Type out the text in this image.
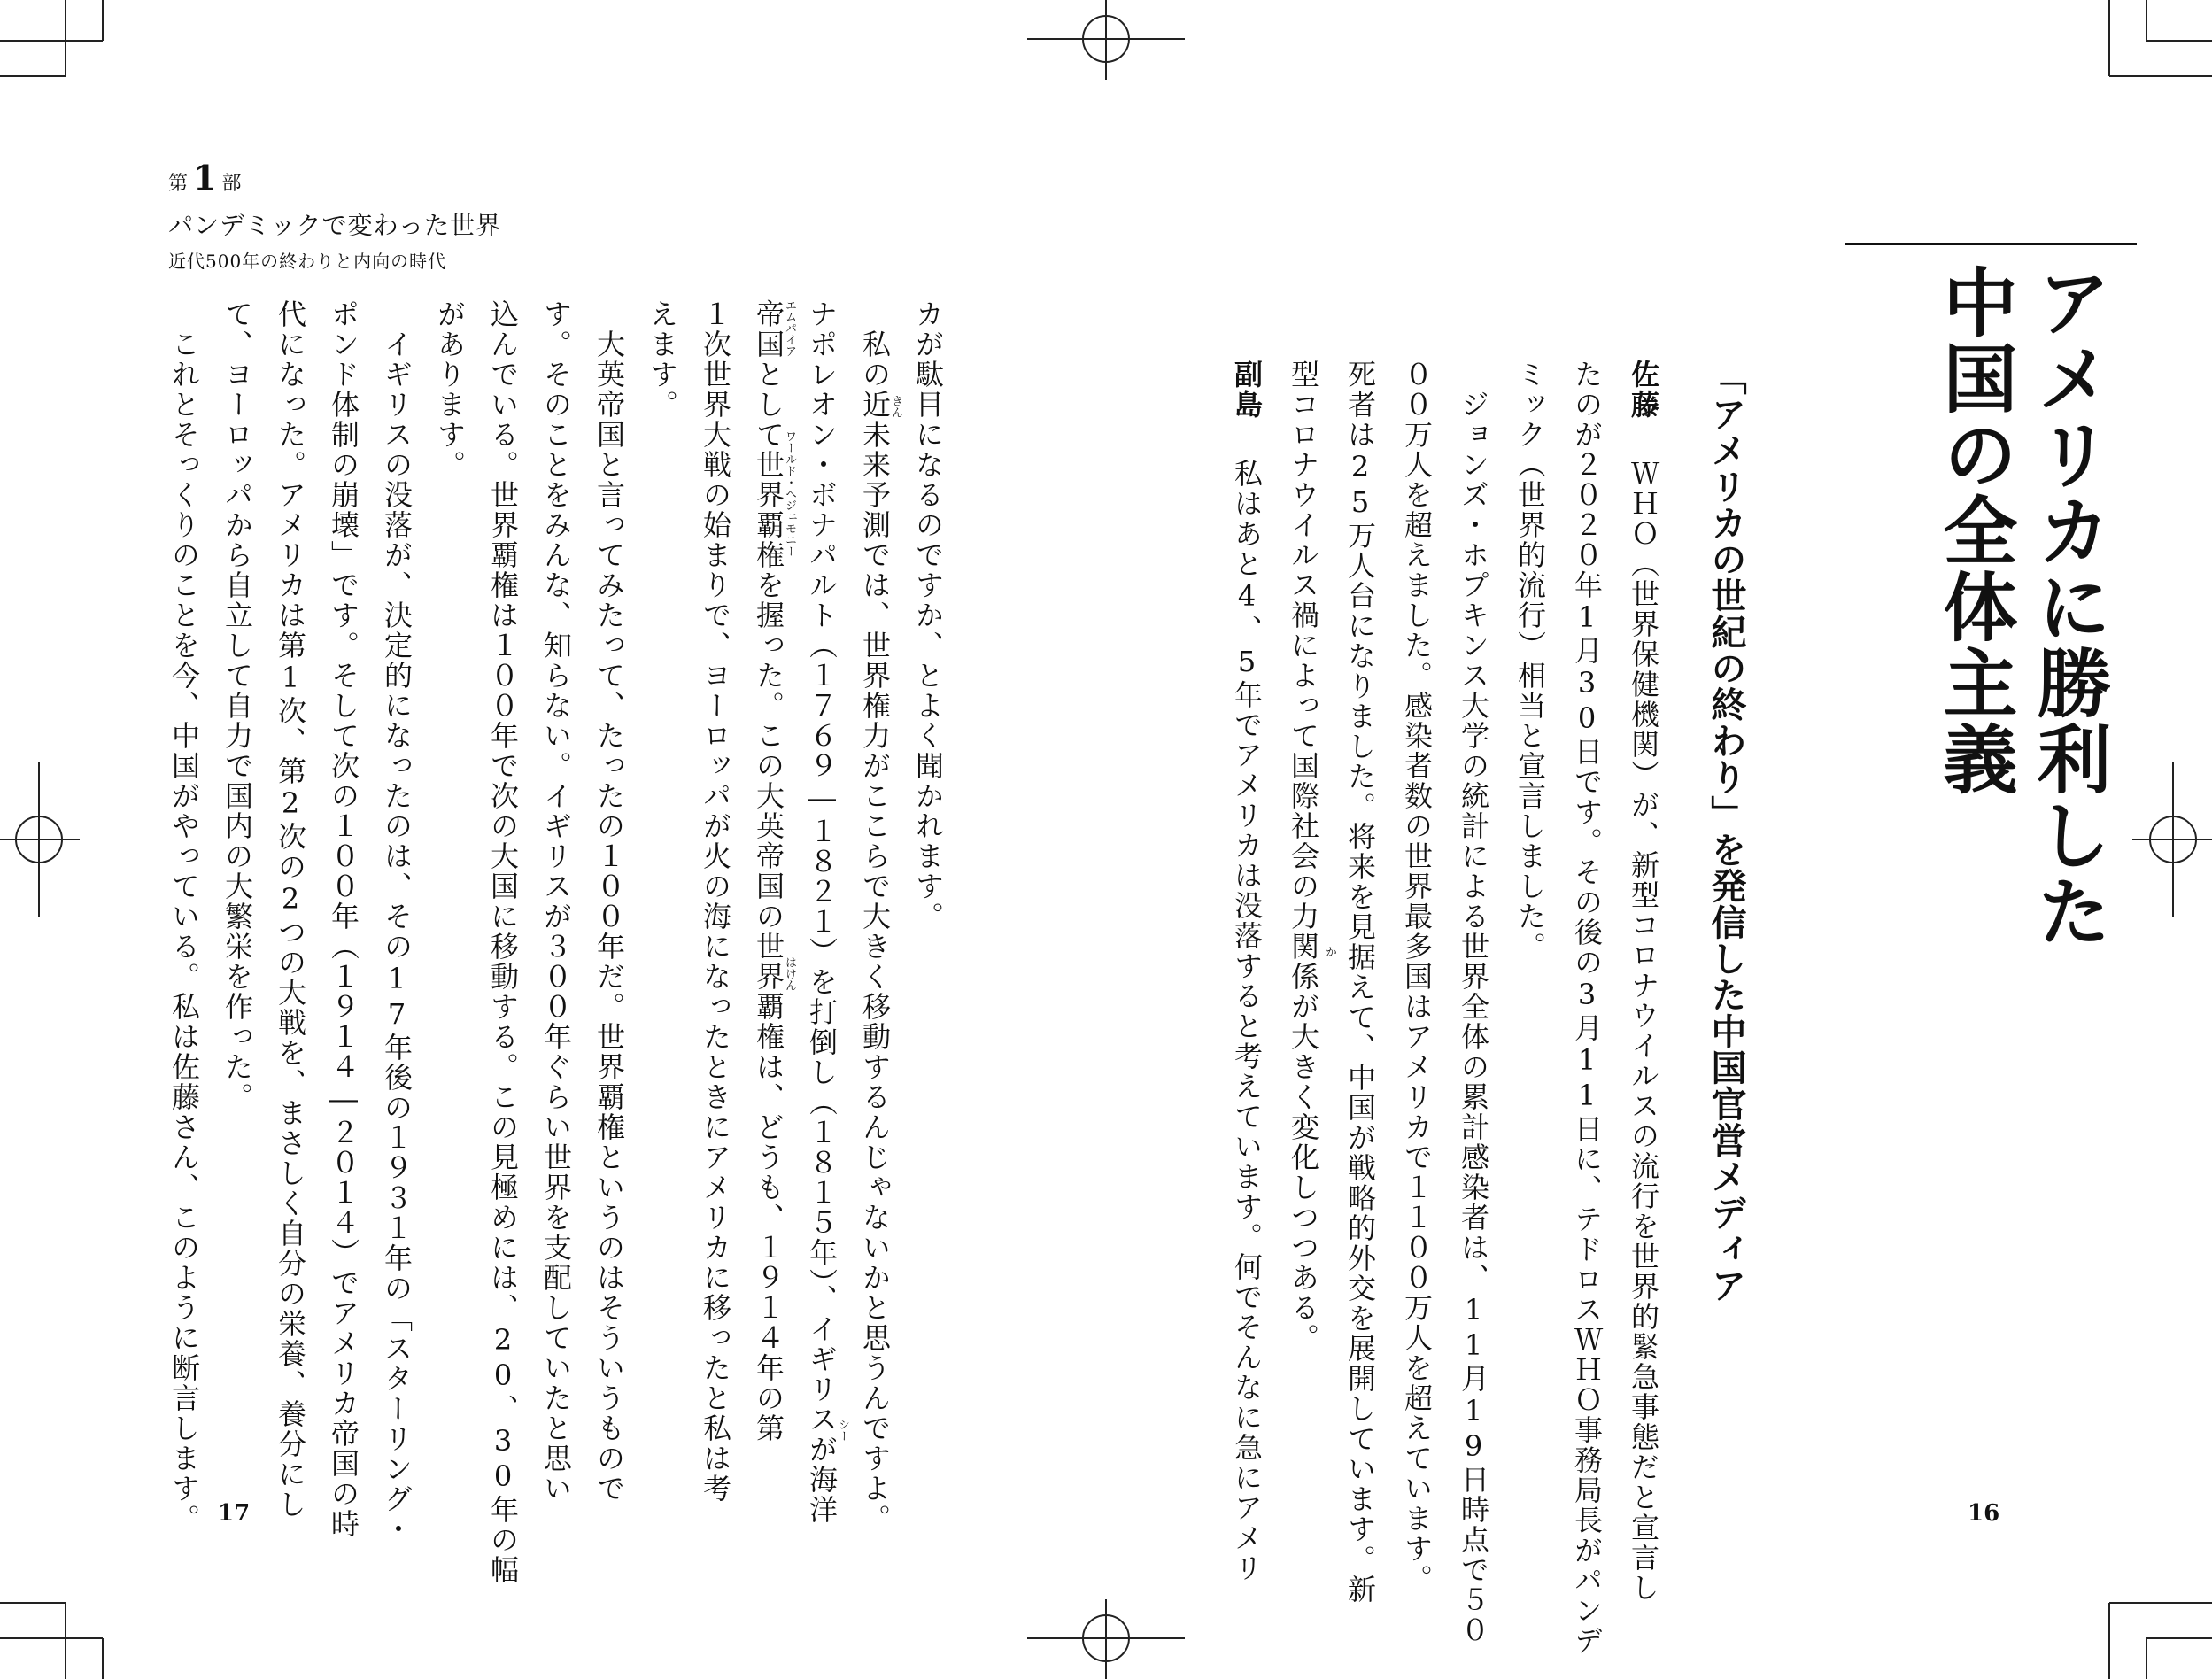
第 1 部
パンデミックで変わった世界
近代500年の終わりと内向の時代

アメリカに勝利した

中国の全体主義

「アメリカの世紀の終わり」を発信した中国官営メディア

佐藤　ＷＨＯ（世界保健機関）が、新型コロナウイルスの流行を世界的緊急事態だと宣言し
たのが２０２０年1月30日です。その後の3月11日に、テドロスＷＨＯ事務局長がパンデ
ミック（世界的流行）相当と宣言しました。
　ジョンズ・ホプキンス大学の統計による世界全体の累計感染者は、11月19日時点で５０
００万人を超えました。感染者数の世界最多国はアメリカで１１００万人を超えています。
死者は25万人台になりました。将来を見据えて、中国が戦略的外交を展開しています。新
型コロナウイルス禍によって国際社会の力関係が大きく変化しつつある。
副島　私はあと4、5年でアメリカは没落すると考えています。何でそんなに急にアメリ	か
カが駄目になるのですか、とよく聞かれます。
　私の近未来予測では、世界権力がここらで大きく移動するんじゃないかと思うんですよ。
ナポレオン・ボナパルト（１７６９―１８２１）を打倒し（１８１５年）、イギリスが海洋
帝国として世界覇権を握った。この大英帝国の世界覇権は、どうも、１９１４年の第
１次世界大戦の始まりで、ヨーロッパが火の海になったときにアメリカに移ったと私は考
えます。
　大英帝国と言ってみたって、たったの１００年だ。世界覇権というのはそういうもので
す。そのことをみんな、知らない。イギリスが３００年ぐらい世界を支配していたと思い
込んでいる。世界覇権は１００年で次の大国に移動する。この見極めには、20、30年の幅
があります。
　イギリスの没落が、決定的になったのは、その17年後の１９３１年の「スターリング・
ポンド体制の崩壊」です。そして次の１００年（１９１４―２０１４）でアメリカ帝国の時
代になった。アメリカは第1次、第2次の2つの大戦を、まさしく自分の栄養、養分にし
て、ヨーロッパから自立して自力で国内の大繁栄を作った。
　これとそっくりのことを今、中国がやっている。私は佐藤さん、このように断言します。	きん
エムパイア
シー
ワールド・ヘジェモニー
はけん
17	16
